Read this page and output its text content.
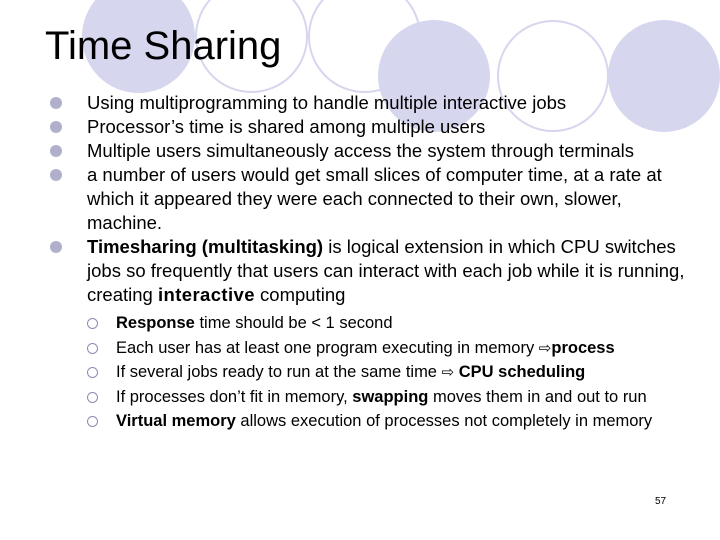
Time Sharing
Using multiprogramming to handle multiple interactive jobs
Processor’s time is shared among multiple users
Multiple users simultaneously access the system through terminals
a number of users would get small slices of computer time, at a rate at which it appeared they were each connected to their own, slower, machine.
Timesharing (multitasking) is logical extension in which CPU switches jobs so frequently that users can interact with each job while it is running, creating interactive computing
Response time should be < 1 second
Each user has at least one program executing in memory ⇨process
If several jobs ready to run at the same time ⇨ CPU scheduling
If processes don’t fit in memory, swapping moves them in and out to run
Virtual memory allows execution of processes not completely in memory
57
